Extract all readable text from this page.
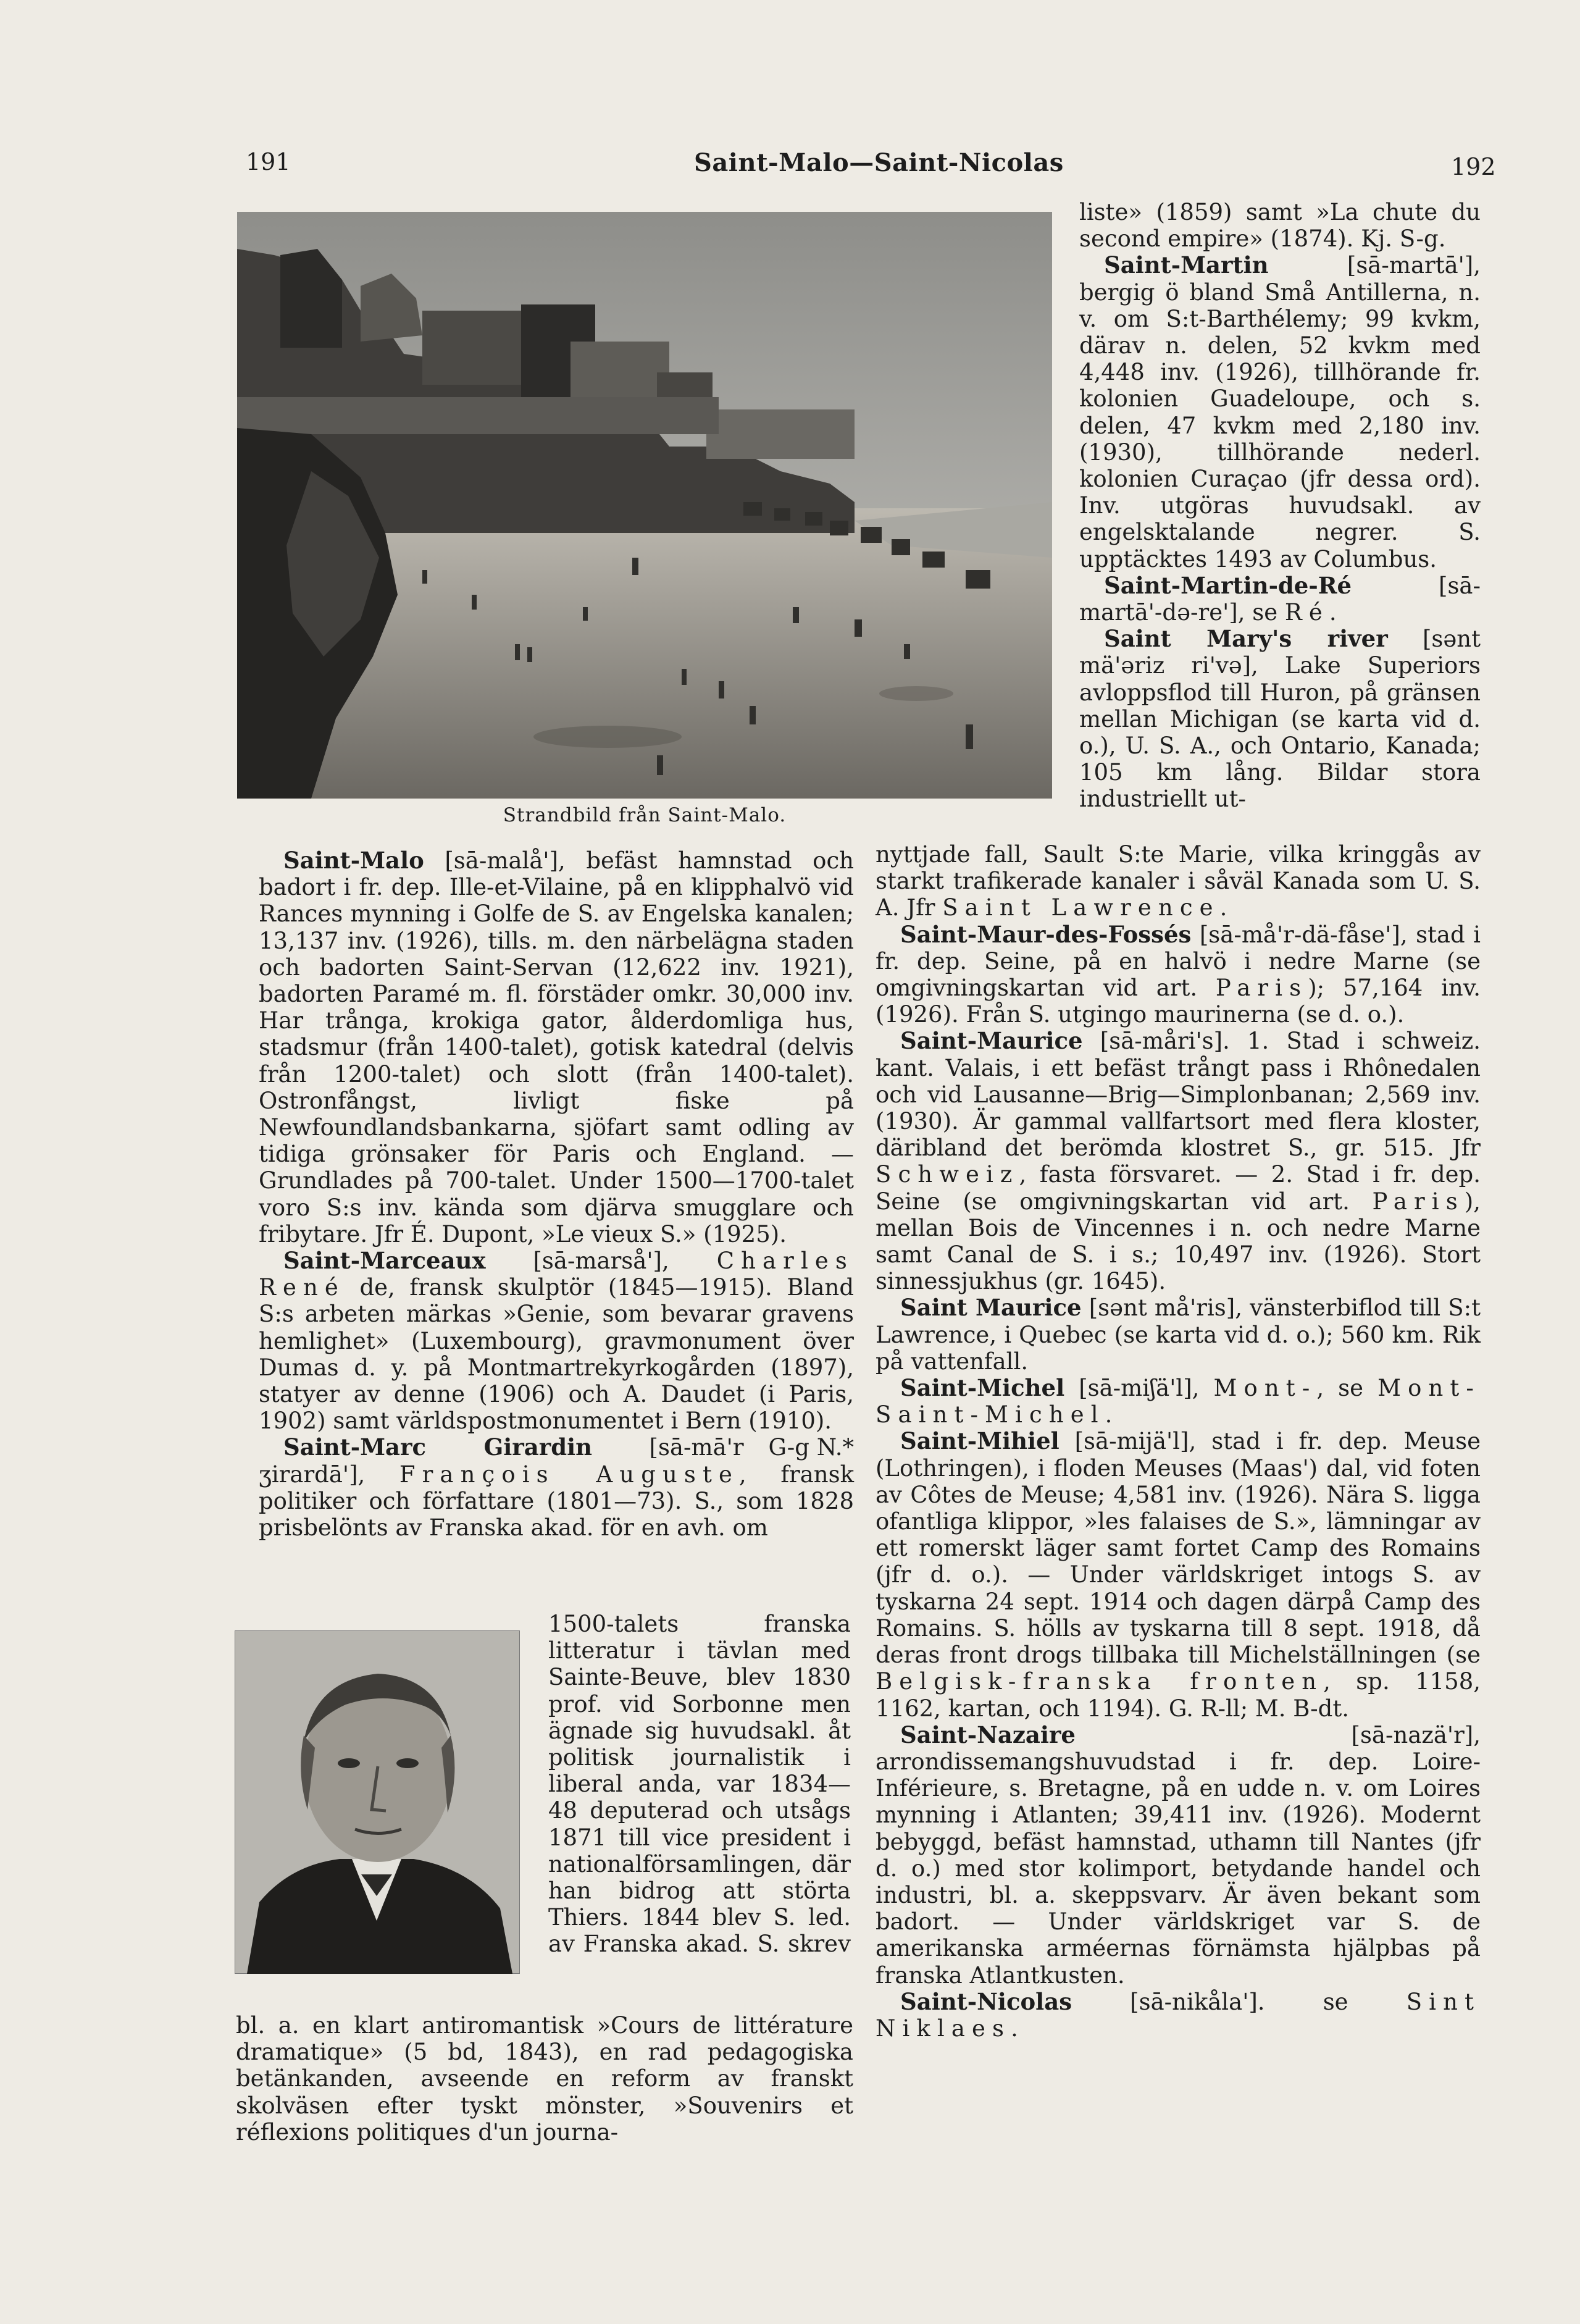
191	Saint-Malo—Saint-Nicolas	192
Strandbild från Saint-Malo.

Saint-Malo [sā-malå'], befäst hamnstad och badort i fr. dep. Ille-et-Vilaine, på en klipphalvö vid Rances mynning i Golfe de S. av Engelska kanalen; 13,137 inv. (1926), tills. m. den närbelägna staden och badorten Saint-Servan (12,622 inv. 1921), badorten Paramé m. fl. förstäder omkr. 30,000 inv. Har trånga, krokiga gator, ålderdomliga hus, stadsmur (från 1400-talet), gotisk katedral (delvis från 1200-talet) och slott (från 1400-talet). Ostronfångst, livligt fiske på Newfoundlandsbankarna, sjöfart samt odling av tidiga grönsaker för Paris och England. — Grundlades på 700-talet. Under 1500—1700-talet voro S:s inv. kända som djärva smugglare och fribytare. Jfr É. Dupont, »Le vieux S.» (1925).

Saint-Marceaux [sā-marså'], Charles René de, fransk skulptör (1845—1915). Bland S:s arbeten märkas »Genie, som bevarar gravens hemlighet» (Luxembourg), gravmonument över Dumas d. y. på Montmartrekyrkogården (1897), statyer av denne (1906) och A. Daudet (i Paris, 1902) samt världspostmonumentet i Bern (1910).
G-g N.*

Saint-Marc Girardin [sā-mā'r ʒirardā'], François Auguste, fransk politiker och författare (1801—73). S., som 1828 prisbelönts av Franska akad. för en avh. om

1500-talets franska litteratur i tävlan med Sainte-Beuve, blev 1830 prof. vid Sorbonne men ägnade sig huvudsakl. åt politisk journalistik i liberal anda, var 1834—48 deputerad och utsågs 1871 till vice president i nationalförsamlingen, där han bidrog att störta Thiers. 1844 blev S. led. av Franska akad. S. skrev

bl. a. en klart antiromantisk »Cours de littérature dramatique» (5 bd, 1843), en rad pedagogiska betänkanden, avseende en reform av franskt skolväsen efter tyskt mönster, »Souvenirs et réflexions politiques d'un journa-

liste» (1859) samt »La chute du second empire» (1874). Kj. S-g.

Saint-Martin [sā-martā'], bergig ö bland Små Antillerna, n. v. om S:t-Barthélemy; 99 kvkm, därav n. delen, 52 kvkm med 4,448 inv. (1926), tillhörande fr. kolonien Guadeloupe, och s. delen, 47 kvkm med 2,180 inv. (1930), tillhörande nederl. kolonien Curaçao (jfr dessa ord). Inv. utgöras huvudsakl. av engelsktalande negrer. S. upptäcktes 1493 av Columbus.

Saint-Martin-de-Ré [sā-martā'-də-re'], se Ré.

Saint Mary's river [sənt mä'əriz ri'və], Lake Superiors avloppsflod till Huron, på gränsen mellan Michigan (se karta vid d. o.), U. S. A., och Ontario, Kanada; 105 km lång. Bildar stora industriellt ut-

nyttjade fall, Sault S:te Marie, vilka kringgås av starkt trafikerade kanaler i såväl Kanada som U. S. A. Jfr Saint Lawrence.

Saint-Maur-des-Fossés [sā-må'r-dä-fåse'], stad i fr. dep. Seine, på en halvö i nedre Marne (se omgivningskartan vid art. Paris); 57,164 inv. (1926). Från S. utgingo maurinerna (se d. o.).

Saint-Maurice [sā-måri's]. 1. Stad i schweiz. kant. Valais, i ett befäst trångt pass i Rhônedalen och vid Lausanne—Brig—Simplonbanan; 2,569 inv. (1930). Är gammal vallfartsort med flera kloster, däribland det berömda klostret S., gr. 515. Jfr Schweiz, fasta försvaret. — 2. Stad i fr. dep. Seine (se omgivningskartan vid art. Paris), mellan Bois de Vincennes i n. och nedre Marne samt Canal de S. i s.; 10,497 inv. (1926). Stort sinnessjukhus (gr. 1645).

Saint Maurice [sənt må'ris], vänsterbiflod till S:t Lawrence, i Quebec (se karta vid d. o.); 560 km. Rik på vattenfall.

Saint-Michel [sā-miʃä'l], Mont-, se Mont-Saint-Michel.

Saint-Mihiel [sā-mijä'l], stad i fr. dep. Meuse (Lothringen), i floden Meuses (Maas') dal, vid foten av Côtes de Meuse; 4,581 inv. (1926). Nära S. ligga ofantliga klippor, »les falaises de S.», lämningar av ett romerskt läger samt fortet Camp des Romains (jfr d. o.). — Under världskriget intogs S. av tyskarna 24 sept. 1914 och dagen därpå Camp des Romains. S. hölls av tyskarna till 8 sept. 1918, då deras front drogs tillbaka till Michelställningen (se Belgisk-franska fronten, sp. 1158, 1162, kartan, och 1194). G. R-ll; M. B-dt.

Saint-Nazaire [sā-nazä'r], arrondissemangshuvudstad i fr. dep. Loire-Inférieure, s. Bretagne, på en udde n. v. om Loires mynning i Atlanten; 39,411 inv. (1926). Modernt bebyggd, befäst hamnstad, uthamn till Nantes (jfr d. o.) med stor kolimport, betydande handel och industri, bl. a. skeppsvarv. Är även bekant som badort. — Under världskriget var S. de amerikanska arméernas förnämsta hjälpbas på franska Atlantkusten.

Saint-Nicolas [sā-nikåla']. se Sint Niklaes.
